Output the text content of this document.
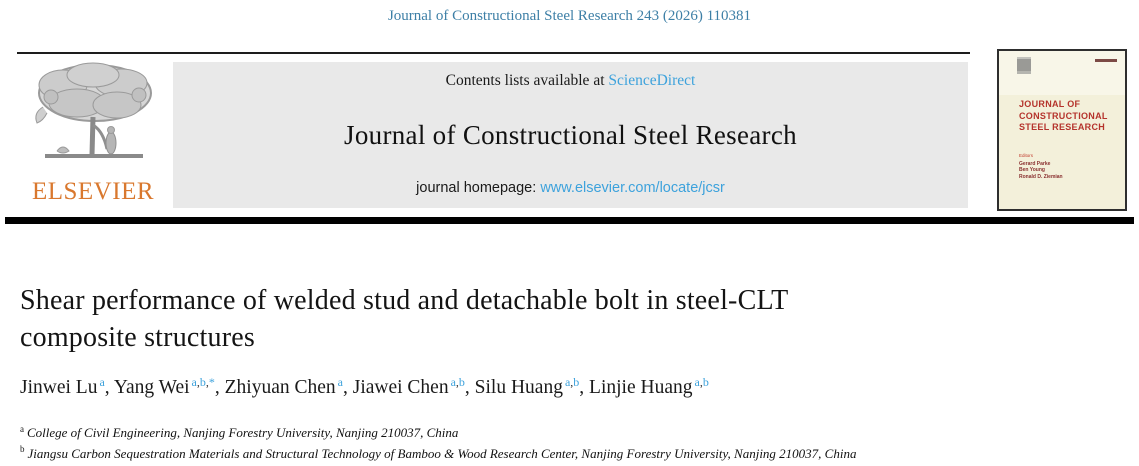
Journal of Constructional Steel Research 243 (2026) 110381
ELSEVIER
Contents lists available at ScienceDirect
Journal of Constructional Steel Research
journal homepage: www.elsevier.com/locate/jcsr
JOURNAL OF
CONSTRUCTIONAL
STEEL RESEARCH
Editors
Gerard Parke
Ben Young
Ronald D. Ziemian
Shear performance of welded stud and detachable bolt in steel-CLT
composite structures
Jinwei Lu $^a$, Yang Wei $^{a,b,*}$, Zhiyuan Chen $^a$, Jiawei Chen $^{a,b}$, Silu Huang $^{a,b}$, Linjie Huang $^{a,b}$
$^a$ College of Civil Engineering, Nanjing Forestry University, Nanjing 210037, China
$^b$ Jiangsu Carbon Sequestration Materials and Structural Technology of Bamboo & Wood Research Center, Nanjing Forestry University, Nanjing 210037, China
